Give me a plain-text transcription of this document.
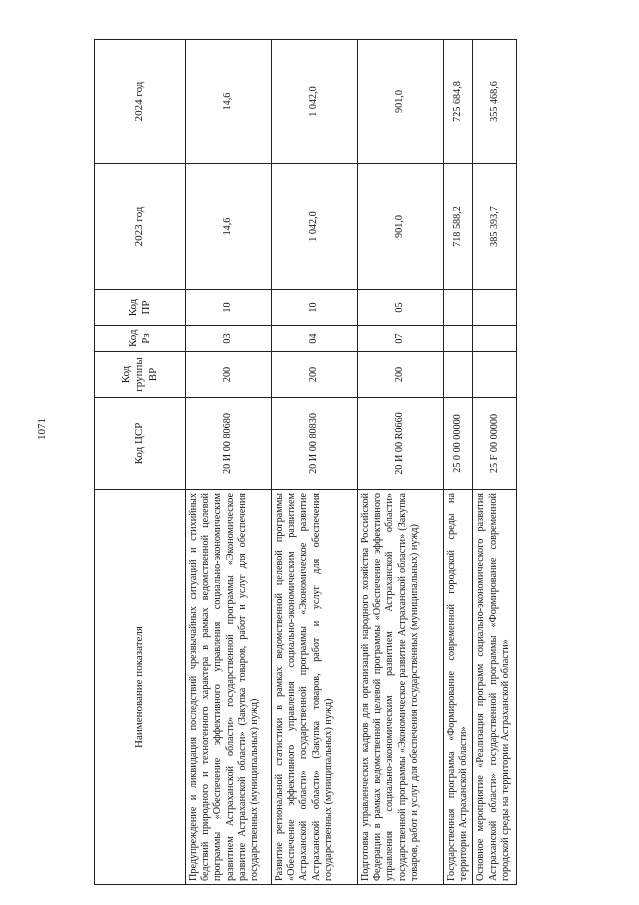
1071
Наименование показателя	Код ЦСР	Код группы ВР	Код Рз	Код ПР	2023 год	2024 год
Предупреждение и ликвидация последствий чрезвычайных ситуаций и стихийных бедствий природного и техногенного характера в рамках ведомственной целевой программы «Обеспечение эффективного управления социально-экономическим развитием Астраханской области» государственной программы «Экономическое развитие Астраханской области» (Закупка товаров, работ и услуг для обеспечения государственных (муниципальных) нужд)	20 И 00 80680	200	03	10	14,6	14,6
Развитие региональной статистики в рамках ведомственной целевой программы «Обеспечение эффективного управления социально-экономическим развитием Астраханской области» государственной программы «Экономическое развитие Астраханской области» (Закупка товаров, работ и услуг для обеспечения государственных (муниципальных) нужд)	20 И 00 80830	200	04	10	1 042,0	1 042,0
Подготовка управленческих кадров для организаций народного хозяйства Российской Федерации в рамках ведомственной целевой программы «Обеспечение эффективного управления социально-экономическим развитием Астраханской области» государственной программы «Экономическое развитие Астраханской области» (Закупка товаров, работ и услуг для обеспечения государственных (муниципальных) нужд)	20 И 00 R0660	200	07	05	901,0	901,0
Государственная программа «Формирование современной городской среды на территории Астраханской области»	25 0 00 00000				718 588,2	725 684,8
Основное мероприятие «Реализация программ социально-экономического развития Астраханской области» государственной программы «Формирование современной городской среды на территории Астраханской области»	25 F 00 00000				385 393,7	355 468,6
